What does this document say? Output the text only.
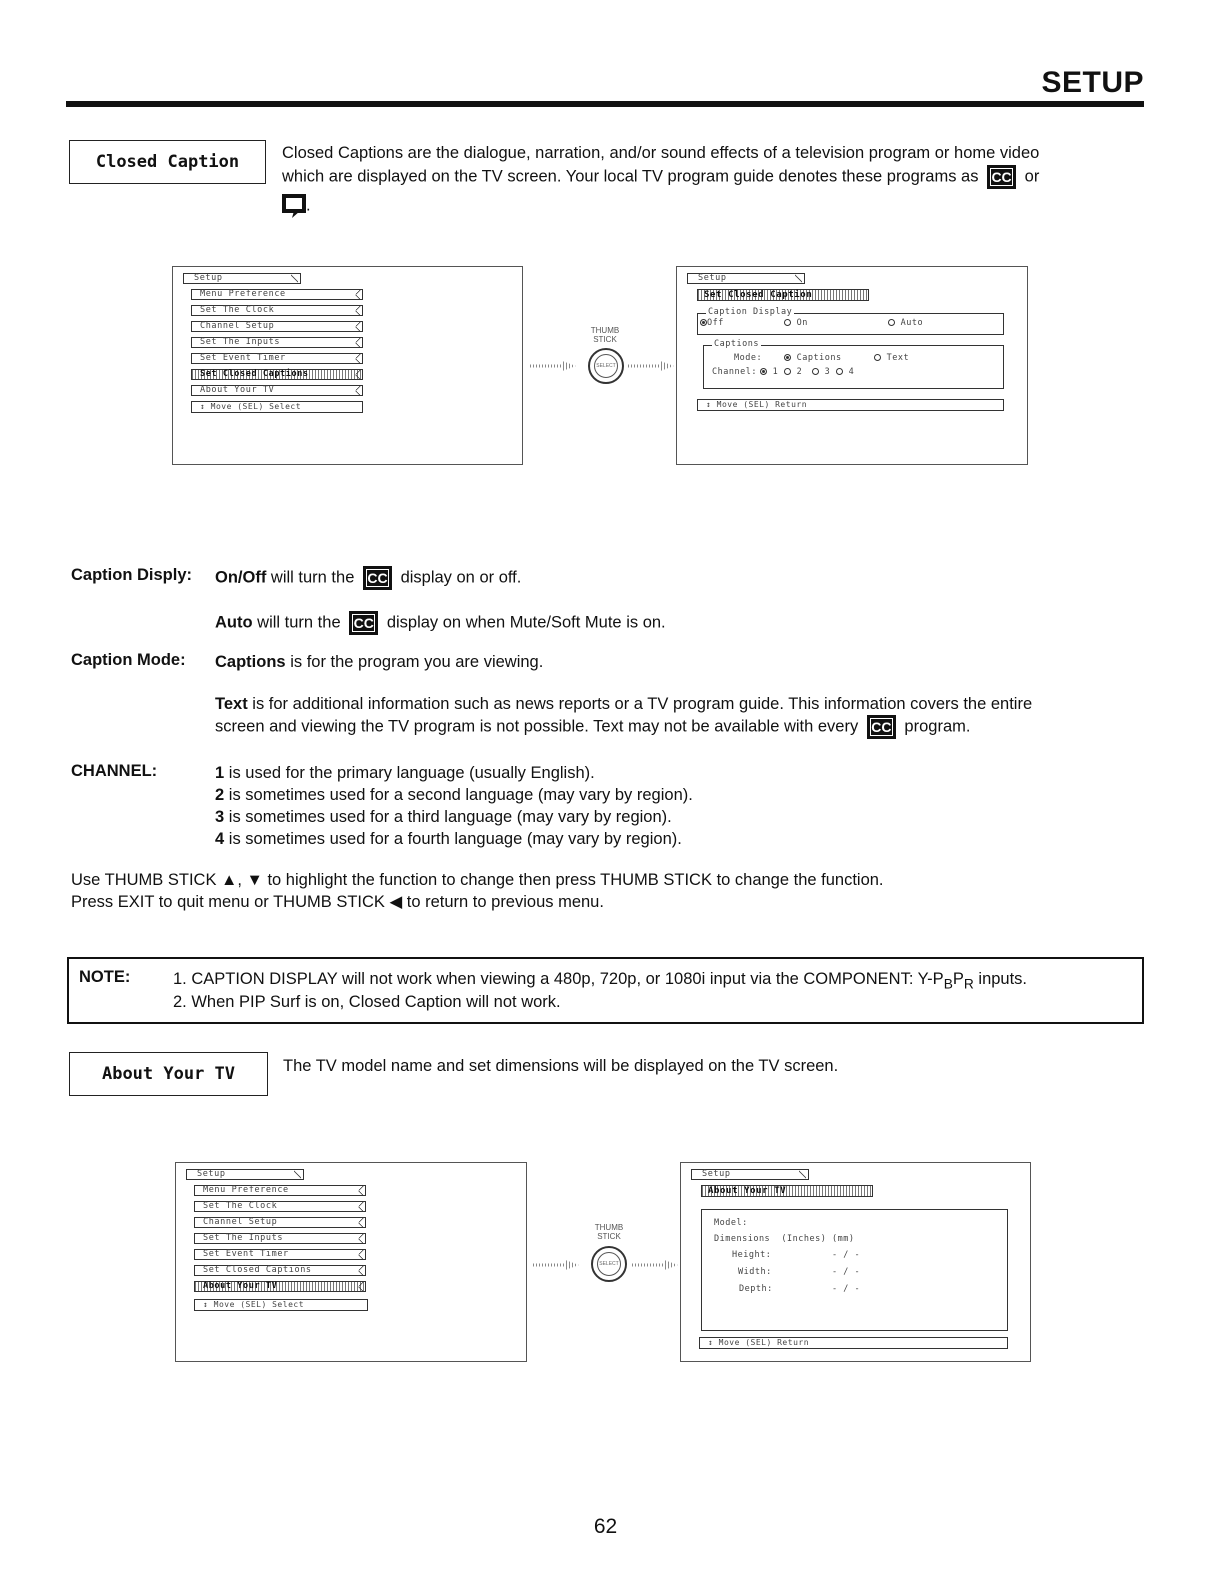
SETUP
Closed Caption	Closed Captions are the dialogue, narration, and/or sound effects of a television program or home video
which are displayed on the TV screen. Your local TV program guide denotes these programs as CC or
.
Setup
Menu Preference
Set The Clock
Channel Setup
Set The Inputs
Set Event Timer
Set Closed Captions
About Your TV
↕ Move (SEL) Select
THUMB
STICK
SELECT
Setup
Set Closed Caption
Caption Display
Off	On	Auto
Captions
Mode:	Captions	Text
Channel:	1	2	3	4
↕ Move (SEL) Return
Caption Disply: On/Off will turn the CC display on or off.
Auto will turn the CC display on when Mute/Soft Mute is on.
Caption Mode: Captions is for the program you are viewing.
Text is for additional information such as news reports or a TV program guide. This information covers the entire
screen and viewing the TV program is not possible. Text may not be available with every CC program.
CHANNEL:	1 is used for the primary language (usually English).
2 is sometimes used for a second language (may vary by region).
3 is sometimes used for a third language (may vary by region).
4 is sometimes used for a fourth language (may vary by region).
Use THUMB STICK ▲, ▼ to highlight the function to change then press THUMB STICK to change the function.
Press EXIT to quit menu or THUMB STICK ◀ to return to previous menu.
NOTE:	1. CAPTION DISPLAY will not work when viewing a 480p, 720p, or 1080i input via the COMPONENT: $Y-P_BP_R$ inputs.
2. When PIP Surf is on, Closed Caption will not work.
About Your TV	The TV model name and set dimensions will be displayed on the TV screen.
Setup
Menu Preference
Set The Clock
Channel Setup
Set The Inputs
Set Event Timer
Set Closed Captions
About Your TV
↕ Move (SEL) Select
THUMB
STICK
SELECT
Setup
About Your TV
Model:
Dimensions  (Inches) (mm)
Height:	- / -
Width:	- / -
Depth:	- / -
↕ Move (SEL) Return
62
